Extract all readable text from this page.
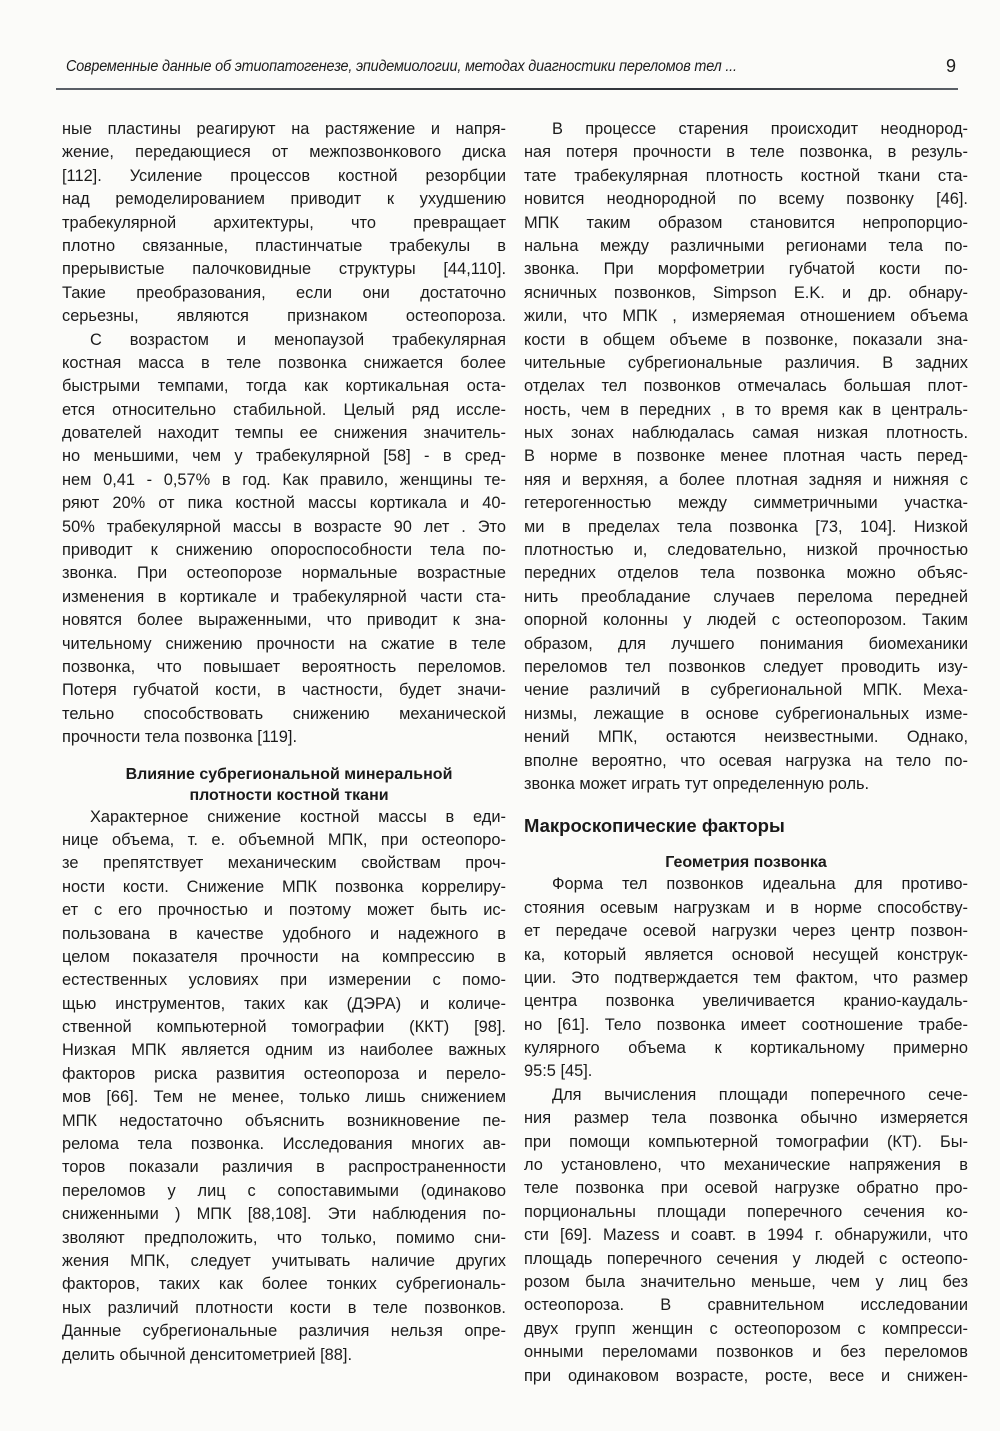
Современные данные об этиопатогенезе, эпидемиологии, методах диагностики переломов тел ...	9
ные пластины реагируют на растяжение и напря-
жение, передающиеся от межпозвонкового диска
[112]. Усиление процессов костной резорбции
над ремоделированием приводит к ухудшению
трабекулярной архитектуры, что превращает
плотно связанные, пластинчатые трабекулы в
прерывистые палочковидные структуры [44,110].
Такие преобразования, если они достаточно
серьезны, являются признаком остеопороза.
С возрастом и менопаузой трабекулярная
костная масса в теле позвонка снижается более
быстрыми темпами, тогда как кортикальная оста-
ется относительно стабильной. Целый ряд иссле-
дователей находит темпы ее снижения значитель-
но меньшими, чем у трабекулярной [58] - в сред-
нем 0,41 - 0,57% в год. Как правило, женщины те-
ряют 20% от пика костной массы кортикала и 40-
50% трабекулярной массы в возрасте 90 лет . Это
приводит к снижению опороспособности тела по-
звонка. При остеопорозе нормальные возрастные
изменения в кортикале и трабекулярной части ста-
новятся более выраженными, что приводит к зна-
чительному снижению прочности на сжатие в теле
позвонка, что повышает вероятность переломов.
Потеря губчатой кости, в частности, будет значи-
тельно способствовать снижению механической
прочности тела позвонка [119].
Влияние субрегиональной минеральной
плотности костной ткани
Характерное снижение костной массы в еди-
нице объема, т. е. объемной МПК, при остеопоро-
зе препятствует механическим свойствам проч-
ности кости. Снижение МПК позвонка коррелиру-
ет с его прочностью и поэтому может быть ис-
пользована в качестве удобного и надежного в
целом показателя прочности на компрессию в
естественных условиях при измерении с помо-
щью инструментов, таких как (ДЭРА) и количе-
ственной компьютерной томографии (ККТ) [98].
Низкая МПК является одним из наиболее важных
факторов риска развития остеопороза и перело-
мов [66]. Тем не менее, только лишь снижением
МПК недостаточно объяснить возникновение пе-
релома тела позвонка. Исследования многих ав-
торов показали различия в распространенности
переломов у лиц с сопоставимыми (одинаково
сниженными ) МПК [88,108]. Эти наблюдения по-
зволяют предположить, что только, помимо сни-
жения МПК, следует учитывать наличие других
факторов, таких как более тонких субрегиональ-
ных различий плотности кости в теле позвонков.
Данные субрегиональные различия нельзя опре-
делить обычной денситометрией [88].
В процессе старения происходит неоднород-
ная потеря прочности в теле позвонка, в резуль-
тате трабекулярная плотность костной ткани ста-
новится неоднородной по всему позвонку [46].
МПК таким образом становится непропорцио-
нальна между различными регионами тела по-
звонка. При морфометрии губчатой кости по-
ясничных позвонков, Simpson E.K. и др. обнару-
жили, что МПК , измеряемая отношением объема
кости в общем объеме в позвонке, показали зна-
чительные субрегиональные различия. В задних
отделах тел позвонков отмечалась большая плот-
ность, чем в передних , в то время как в централь-
ных зонах наблюдалась самая низкая плотность.
В норме в позвонке менее плотная часть перед-
няя и верхняя, а более плотная задняя и нижняя с
гетерогенностью между симметричными участка-
ми в пределах тела позвонка [73, 104]. Низкой
плотностью и, следовательно, низкой прочностью
передних отделов тела позвонка можно объяс-
нить преобладание случаев перелома передней
опорной колонны у людей с остеопорозом. Таким
образом, для лучшего понимания биомеханики
переломов тел позвонков следует проводить изу-
чение различий в субрегиональной МПК. Меха-
низмы, лежащие в основе субрегиональных изме-
нений МПК, остаются неизвестными. Однако,
вполне вероятно, что осевая нагрузка на тело по-
звонка может играть тут определенную роль.
Макроскопические факторы
Геометрия позвонка
Форма тел позвонков идеальна для противо-
стояния осевым нагрузкам и в норме способству-
ет передаче осевой нагрузки через центр позвон-
ка, который является основой несущей конструк-
ции. Это подтверждается тем фактом, что размер
центра позвонка увеличивается кранио-каудаль-
но [61]. Тело позвонка имеет соотношение трабе-
кулярного объема к кортикальному примерно
95:5 [45].
Для вычисления площади поперечного сече-
ния размер тела позвонка обычно измеряется
при помощи компьютерной томографии (КТ). Бы-
ло установлено, что механические напряжения в
теле позвонка при осевой нагрузке обратно про-
порциональны площади поперечного сечения ко-
сти [69]. Mazess и соавт. в 1994 г. обнаружили, что
площадь поперечного сечения у людей с остеопо-
розом была значительно меньше, чем у лиц без
остеопороза. В сравнительном исследовании
двух групп женщин с остеопорозом с компресси-
онными переломами позвонков и без переломов
при одинаковом возрасте, росте, весе и снижен-
